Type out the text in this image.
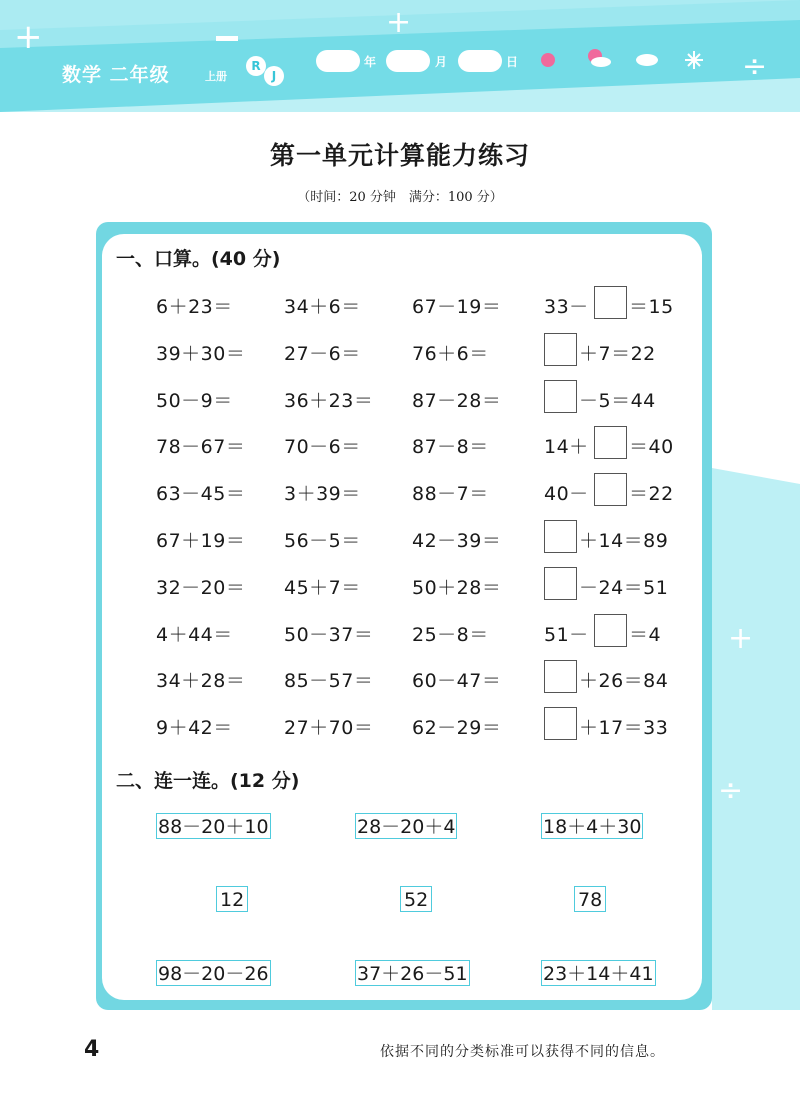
+	+
÷
数学 二年级	上册
R
J
年	月	日
第一单元计算能力练习
（时间：20 分钟　满分：100 分）
+
÷
一、口算。(40 分)
6＋23＝	34＋6＝	67－19＝ 33－ ＝15
39＋30＝ 27－6＝	76＋6＝	＋7＝22
50－9＝	36＋23＝ 87－28＝	－5＝44
78－67＝ 70－6＝	87－8＝	14＋ ＝40
63－45＝ 3＋39＝	88－7＝	40－ ＝22
67＋19＝ 56－5＝	42－39＝	＋14＝89
32－20＝ 45＋7＝	50＋28＝	－24＝51
4＋44＝	50－37＝ 25－8＝	51－ ＝4
34＋28＝ 85－57＝ 60－47＝	＋26＝84
9＋42＝	27＋70＝ 62－29＝	＋17＝33
二、连一连。(12 分)
88－20＋10	28－20＋4	18＋4＋30
12	52	78
98－20－26	37＋26－51	23＋14＋41
4	依据不同的分类标准可以获得不同的信息。
